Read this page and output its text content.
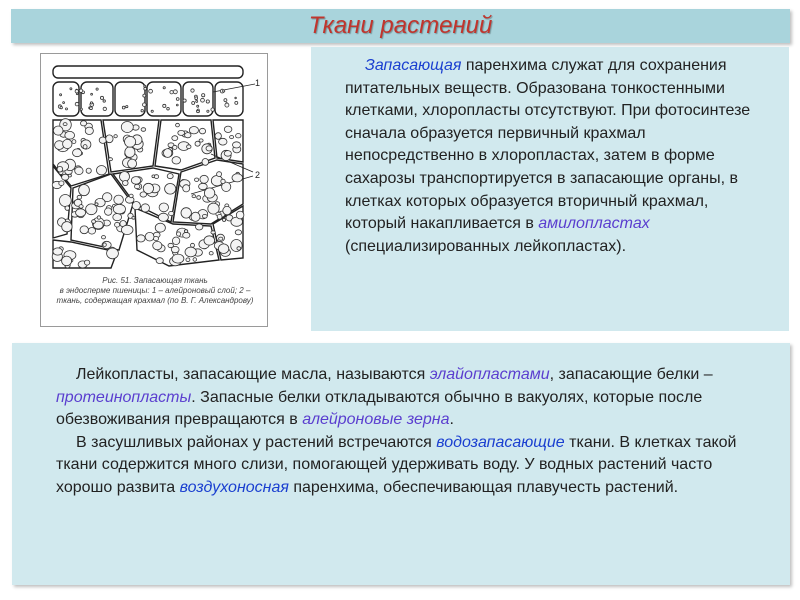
Ткани растений
1
2
Рис. 51. Запасающая ткань
в эндосперме пшеницы: 1 – алейроновый слой; 2 – ткань, содержащая крахмал (по В. Г. Александрову)

Запасающая паренхима служат для сохранения питательных веществ. Образована тонкостенными клетками, хлоропласты отсутствуют. При фотосинтезе сначала образуется первичный крахмал непосредственно в хлоропластах, затем в форме сахарозы транспортируется в запасающие органы, в клетках которых образуется вторичный крахмал, который накапливается в амилопластах (специализированных лейкопластах).

Лейкопласты, запасающие масла, называются элайопластами, запасающие белки – протеинопласты. Запасные белки откладываются обычно в вакуолях, которые после обезвоживания превращаются в алейроновые зерна.
В засушливых районах у растений встречаются водозапасающие ткани. В клетках такой ткани содержится много слизи, помогающей удерживать воду. У водных растений часто хорошо развита воздухоносная паренхима, обеспечивающая плавучесть растений.
